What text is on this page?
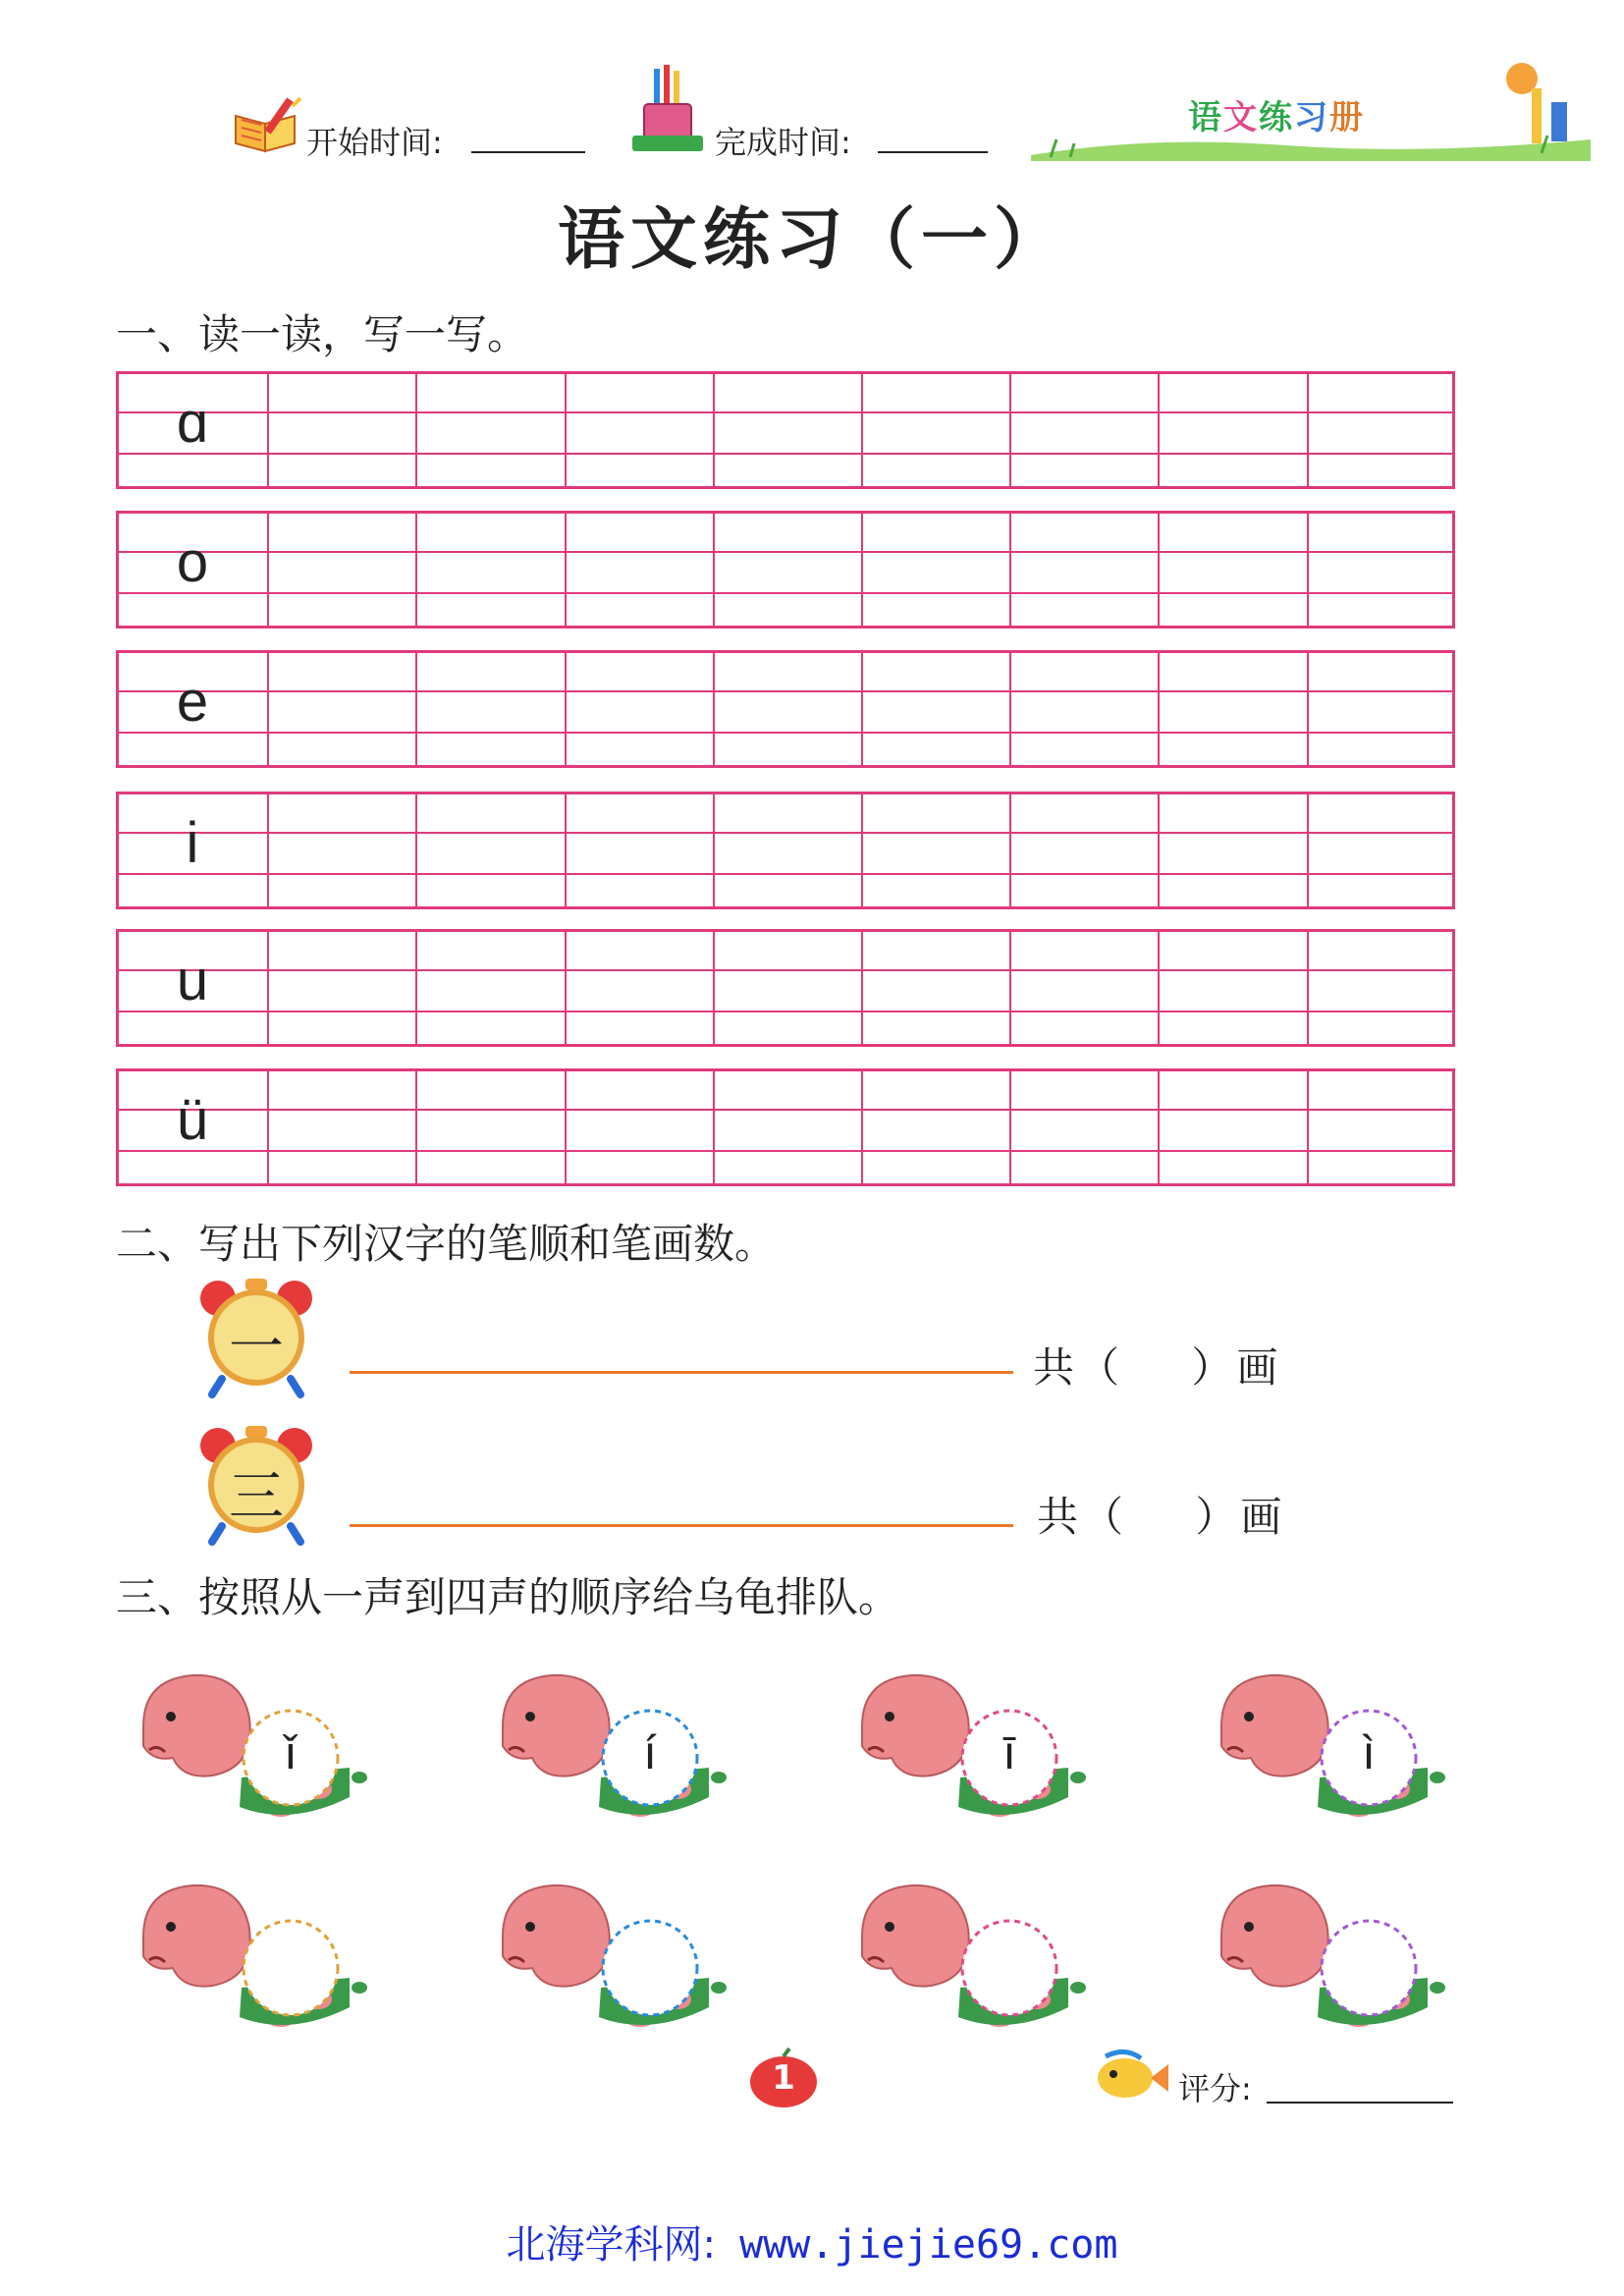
开始时间:	完成时间:
语文练习册
语文练习（一）
一、读一读，写一写。
ɑ
o
e
i
u
ü
二、写出下列汉字的笔顺和笔画数。
一	共（    ）画
三	共（    ）画
三、按照从一声到四声的顺序给乌龟排队。
ǐ	í	ī	ì
1	评分:
北海学科网: www.jiejie69.com
